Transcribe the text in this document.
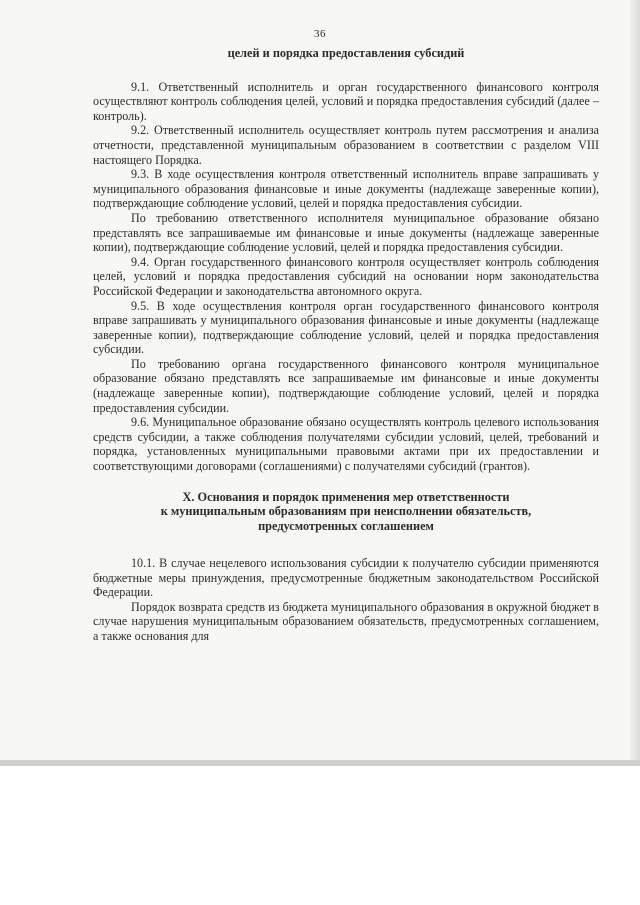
36
целей и порядка предоставления субсидий

9.1. Ответственный исполнитель и орган государственного финансового контроля осуществляют контроль соблюдения целей, условий и порядка предоставления субсидий (далее – контроль).

9.2. Ответственный исполнитель осуществляет контроль путем рассмотрения и анализа отчетности, представленной муниципальным образованием в соответствии с разделом VIII настоящего Порядка.

9.3. В ходе осуществления контроля ответственный исполнитель вправе запрашивать у муниципального образования финансовые и иные документы (надлежаще заверенные копии), подтверждающие соблюдение условий, целей и порядка предоставления субсидии.

По требованию ответственного исполнителя муниципальное образование обязано представлять все запрашиваемые им финансовые и иные документы (надлежаще заверенные копии), подтверждающие соблюдение условий, целей и порядка предоставления субсидии.

9.4. Орган государственного финансового контроля осуществляет контроль соблюдения целей, условий и порядка предоставления субсидий на основании норм законодательства Российской Федерации и законодательства автономного округа.

9.5. В ходе осуществления контроля орган государственного финансового контроля вправе запрашивать у муниципального образования финансовые и иные документы (надлежаще заверенные копии), подтверждающие соблюдение условий, целей и порядка предоставления субсидии.

По требованию органа государственного финансового контроля муниципальное образование обязано представлять все запрашиваемые им финансовые и иные документы (надлежаще заверенные копии), подтверждающие соблюдение условий, целей и порядка предоставления субсидии.

9.6. Муниципальное образование обязано осуществлять контроль целевого использования средств субсидии, а также соблюдения получателями субсидии условий, целей, требований и порядка, установленных муниципальными правовыми актами при их предоставлении и соответствующими договорами (соглашениями) с получателями субсидий (грантов).

X. Основания и порядок применения мер ответственности
к муниципальным образованиям при неисполнении обязательств,
предусмотренных соглашением

10.1. В случае нецелевого использования субсидии к получателю субсидии применяются бюджетные меры принуждения, предусмотренные бюджетным законодательством Российской Федерации.

Порядок возврата средств из бюджета муниципального образования в окружной бюджет в случае нарушения муниципальным образованием обязательств, предусмотренных соглашением, а также основания для
